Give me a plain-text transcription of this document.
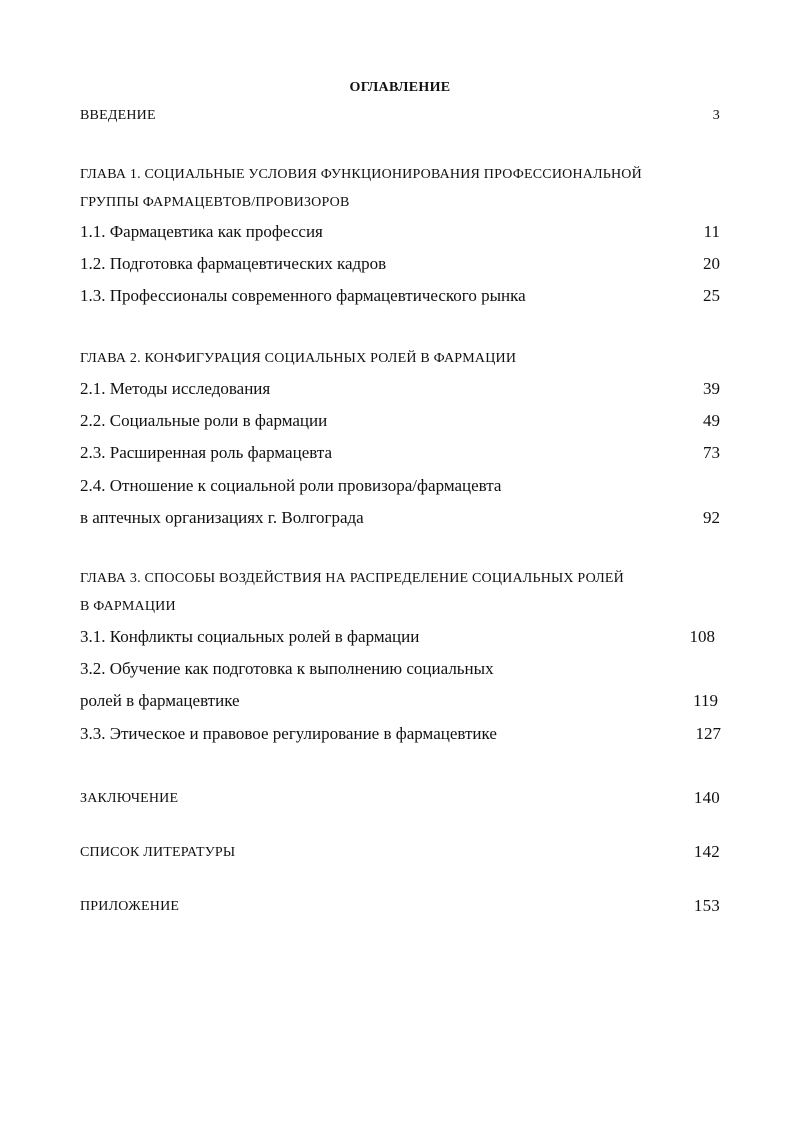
ОГЛАВЛЕНИЕ
ВВЕДЕНИЕ	3
ГЛАВА 1. СОЦИАЛЬНЫЕ УСЛОВИЯ ФУНКЦИОНИРОВАНИЯ ПРОФЕССИОНАЛЬНОЙ
ГРУППЫ ФАРМАЦЕВТОВ/ПРОВИЗОРОВ
1.1. Фармацевтика как профессия	11
1.2. Подготовка фармацевтических кадров	20
1.3. Профессионалы современного фармацевтического рынка	25
ГЛАВА 2. КОНФИГУРАЦИЯ СОЦИАЛЬНЫХ РОЛЕЙ В ФАРМАЦИИ
2.1. Методы исследования	39
2.2. Социальные роли в фармации	49
2.3. Расширенная роль фармацевта	73
2.4. Отношение к социальной роли провизора/фармацевта
в аптечных организациях г. Волгограда	92
ГЛАВА 3. СПОСОБЫ ВОЗДЕЙСТВИЯ НА РАСПРЕДЕЛЕНИЕ СОЦИАЛЬНЫХ РОЛЕЙ
В ФАРМАЦИИ
3.1. Конфликты социальных ролей в фармации	108
3.2. Обучение как подготовка к выполнению социальных
ролей в фармацевтике	119
3.3. Этическое и правовое регулирование в фармацевтике	127
ЗАКЛЮЧЕНИЕ	140
СПИСОК ЛИТЕРАТУРЫ	142
ПРИЛОЖЕНИЕ	153
